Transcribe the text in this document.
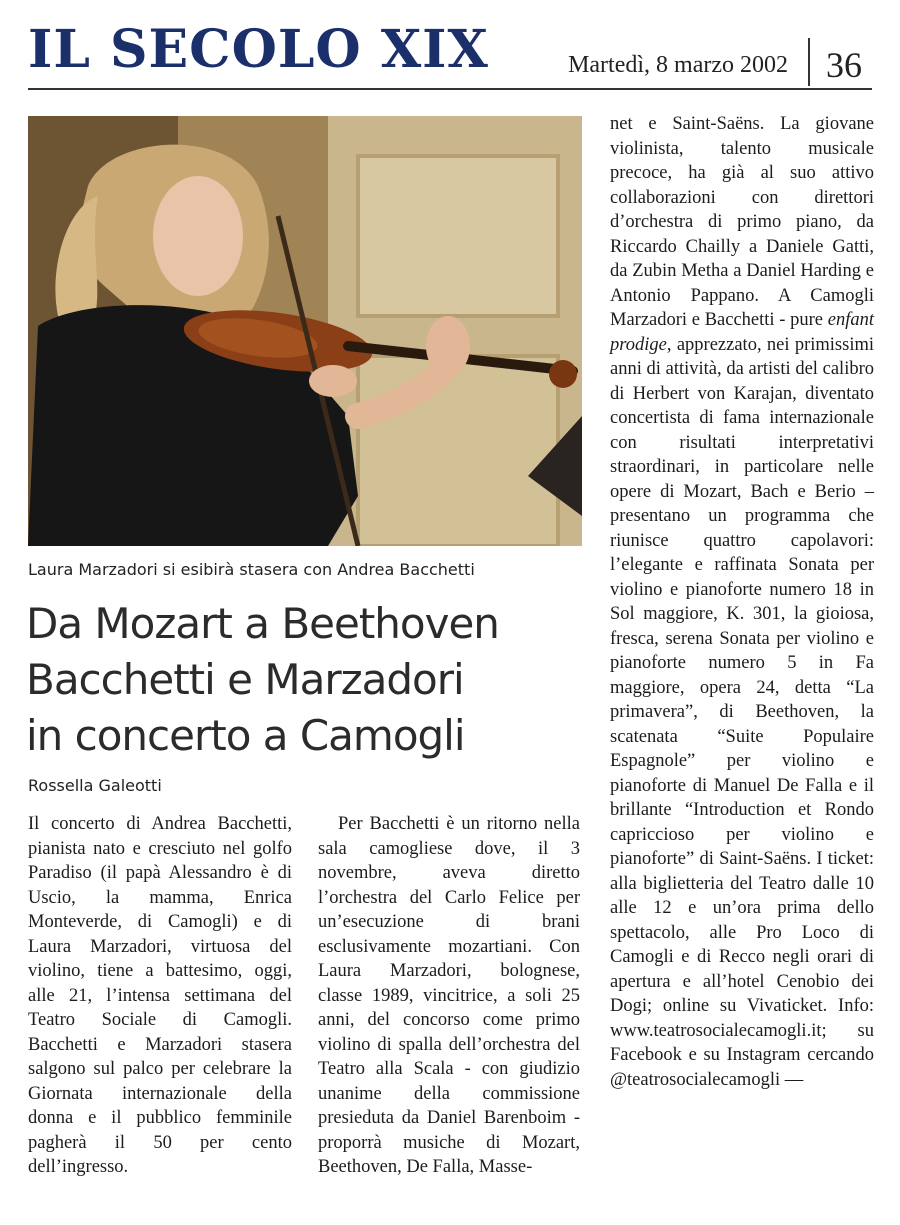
IL SECOLO XIX	Martedì, 8 marzo 2002 36
Laura Marzadori si esibirà stasera con Andrea Bacchetti
Da Mozart a Beethoven
Bacchetti e Marzadori
in concerto a Camogli
Rossella Galeotti
Il concerto di Andrea Bacchetti, pianista nato e cresciuto nel golfo Paradiso (il papà Alessandro è di Uscio, la mamma, Enrica Monteverde, di Camogli) e di Laura Marzadori, virtuosa del violino, tiene a battesimo, oggi, alle 21, l’intensa settimana del Teatro Sociale di Camogli. Bacchetti e Marzadori stasera salgono sul palco per celebrare la Giornata internazionale della donna e il pubblico femminile pagherà il 50 per cento dell’ingresso.
Per Bacchetti è un ritorno nella sala camogliese dove, il 3 novembre, aveva diretto l’orchestra del Carlo Felice per un’esecuzione di brani esclusivamente mozartiani. Con Laura Marzadori, bolognese, classe 1989, vincitrice, a soli 25 anni, del concorso come primo violino di spalla dell’orchestra del Teatro alla Scala - con giudizio unanime della commissione presieduta da Daniel Barenboim - proporrà musiche di Mozart, Beethoven, De Falla, Masse-
net e Saint-Saëns. La giovane violinista, talento musicale precoce, ha già al suo attivo collaborazioni con direttori d’orchestra di primo piano, da Riccardo Chailly a Daniele Gatti, da Zubin Metha a Daniel Harding e Antonio Pappano. A Camogli Marzadori e Bacchetti - pure enfant prodige, apprezzato, nei primissimi anni di attività, da artisti del calibro di Herbert von Karajan, diventato concertista di fama internazionale con risultati interpretativi straordinari, in particolare nelle opere di Mozart, Bach e Berio – presentano un programma che riunisce quattro capolavori: l’elegante e raffinata Sonata per violino e pianoforte numero 18 in Sol maggiore, K. 301, la gioiosa, fresca, serena Sonata per violino e pianoforte numero 5 in Fa maggiore, opera 24, detta “La primavera”, di Beethoven, la scatenata “Suite Populaire Espagnole” per violino e pianoforte di Manuel De Falla e il brillante “Introduction et Rondo capriccioso per violino e pianoforte” di Saint-Saëns. I ticket: alla biglietteria del Teatro dalle 10 alle 12 e un’ora prima dello spettacolo, alle Pro Loco di Camogli e di Recco negli orari di apertura e all’hotel Cenobio dei Dogi; online su Vivaticket. Info: www.teatrosocialecamogli.it; su Facebook e su Instagram cercando @teatrosocialecamogli —
